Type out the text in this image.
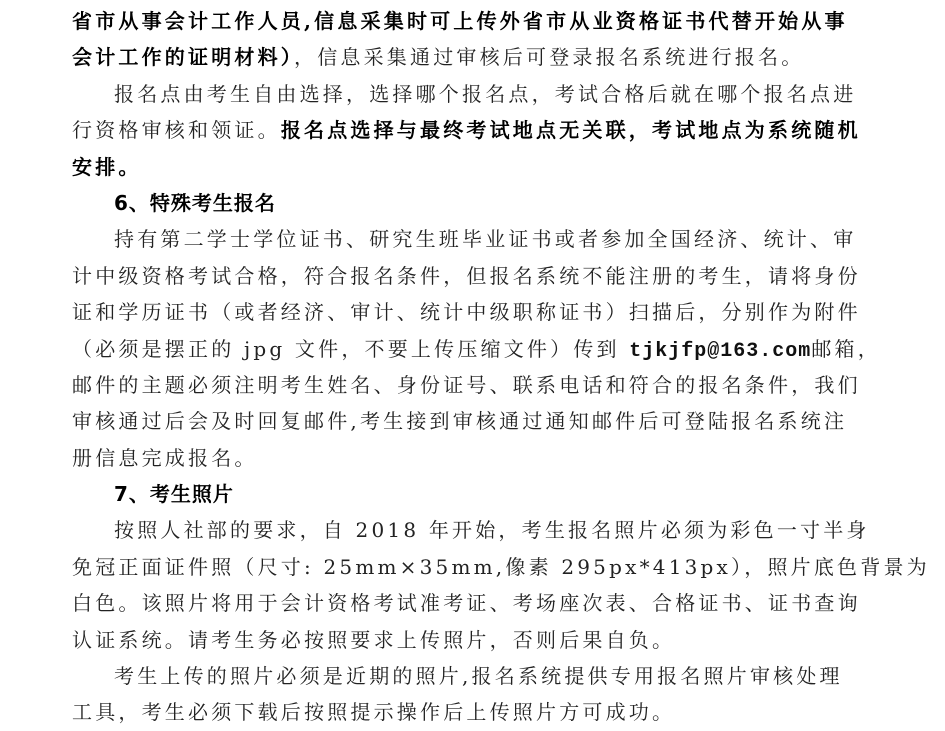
省市从事会计工作人员,信息采集时可上传外省市从业资格证书代替开始从事
会计工作的证明材料），信息采集通过审核后可登录报名系统进行报名。
报名点由考生自由选择，选择哪个报名点，考试合格后就在哪个报名点进
行资格审核和领证。报名点选择与最终考试地点无关联，考试地点为系统随机
安排。
6、特殊考生报名
持有第二学士学位证书、研究生班毕业证书或者参加全国经济、统计、审
计中级资格考试合格，符合报名条件，但报名系统不能注册的考生，请将身份
证和学历证书（或者经济、审计、统计中级职称证书）扫描后，分别作为附件
（必须是摆正的 jpg 文件，不要上传压缩文件）传到 tjkjfp@163.com邮箱，
邮件的主题必须注明考生姓名、身份证号、联系电话和符合的报名条件，我们
审核通过后会及时回复邮件,考生接到审核通过通知邮件后可登陆报名系统注
册信息完成报名。
7、考生照片
按照人社部的要求，自 2018 年开始，考生报名照片必须为彩色一寸半身
免冠正面证件照（尺寸: 25mm×35mm,像素 295px*413px），照片底色背景为
白色。该照片将用于会计资格考试准考证、考场座次表、合格证书、证书查询
认证系统。请考生务必按照要求上传照片，否则后果自负。
考生上传的照片必须是近期的照片,报名系统提供专用报名照片审核处理
工具，考生必须下载后按照提示操作后上传照片方可成功。
